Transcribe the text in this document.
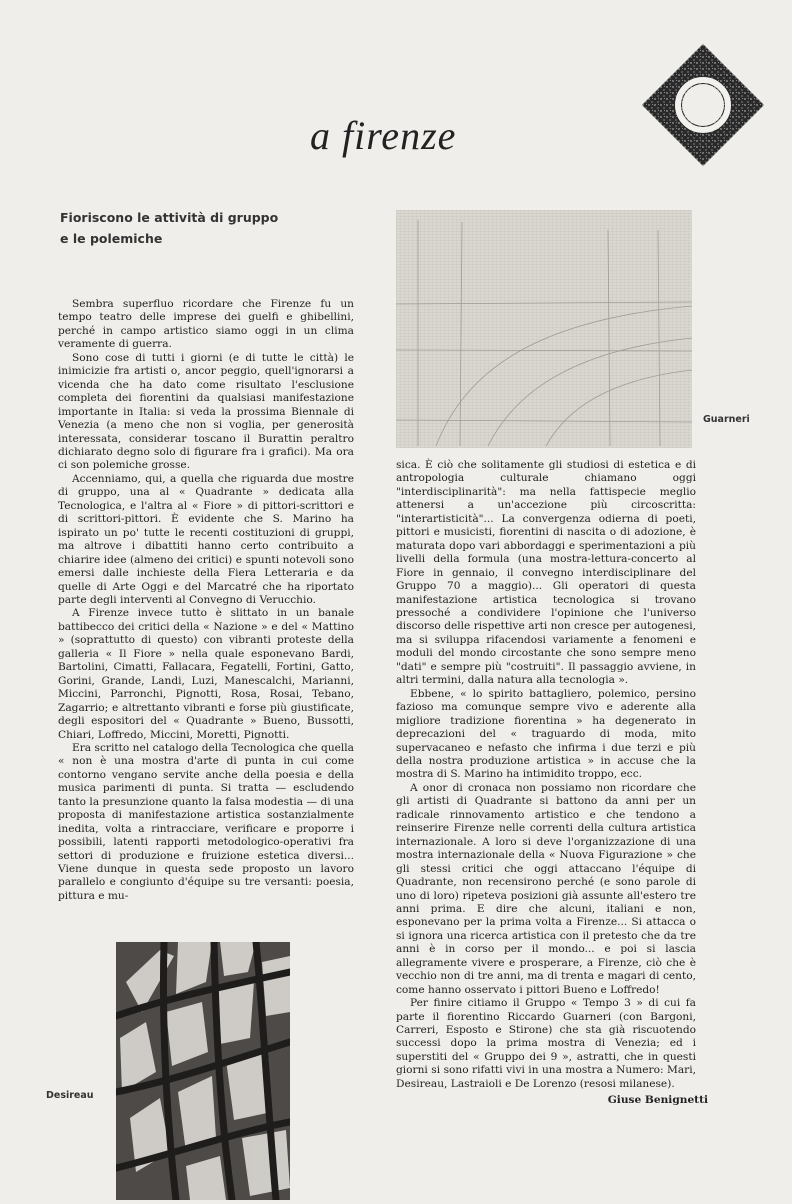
a firenze
Fioriscono le attività di gruppo
e le polemiche

Guarneri

Sembra superfluo ricordare che Firenze fu un tempo teatro delle imprese dei guelfi e ghibellini, perché in campo artistico siamo oggi in un clima veramente di guerra.

Sono cose di tutti i giorni (e di tutte le città) le inimicizie fra artisti o, ancor peggio, quell'ignorarsi a vicenda che ha dato come risultato l'esclusione completa dei fiorentini da qualsiasi manifestazione importante in Italia: si veda la prossima Biennale di Venezia (a meno che non si voglia, per generosità interessata, considerar toscano il Burattin peraltro dichiarato degno solo di figurare fra i grafici). Ma ora ci son polemiche grosse.

Accenniamo, qui, a quella che riguarda due mostre di gruppo, una al « Quadrante » dedicata alla Tecnologica, e l'altra al « Fiore » di pittori-scrittori e di scrittori-pittori. È evidente che S. Marino ha ispirato un po' tutte le recenti costituzioni di gruppi, ma altrove i dibattiti hanno certo contribuito a chiarire idee (almeno dei critici) e spunti notevoli sono emersi dalle inchieste della Fiera Letteraria e da quelle di Arte Oggi e del Marcatré che ha riportato parte degli interventi al Convegno di Verucchio.

A Firenze invece tutto è slittato in un banale battibecco dei critici della « Nazione » e del « Mattino » (soprattutto di questo) con vibranti proteste della galleria « Il Fiore » nella quale esponevano Bardi, Bartolini, Cimatti, Fallacara, Fegatelli, Fortini, Gatto, Gorini, Grande, Landi, Luzi, Manescalchi, Marianni, Miccini, Parronchi, Pignotti, Rosa, Rosai, Tebano, Zagarrio; e altrettanto vibranti e forse più giustificate, degli espositori del « Quadrante » Bueno, Bussotti, Chiari, Loffredo, Miccini, Moretti, Pignotti.

Era scritto nel catalogo della Tecnologica che quella « non è una mostra d'arte di punta in cui come contorno vengano servite anche della poesia e della musica parimenti di punta. Si tratta — escludendo tanto la presunzione quanto la falsa modestia — di una proposta di manifestazione artistica sostanzialmente inedita, volta a rintracciare, verificare e proporre i possibili, latenti rapporti metodologico-operativi fra settori di produzione e fruizione estetica diversi... Viene dunque in questa sede proposto un lavoro parallelo e congiunto d'équipe su tre versanti: poesia, pittura e mu-

sica. È ciò che solitamente gli studiosi di estetica e di antropologia culturale chiamano oggi "interdisciplinarità": ma nella fattispecie meglio attenersi a un'accezione più circoscritta: "interartisticità"... La convergenza odierna di poeti, pittori e musicisti, fiorentini di nascita o di adozione, è maturata dopo vari abbordaggi e sperimentazioni a più livelli della formula (una mostra-lettura-concerto al Fiore in gennaio, il convegno interdisciplinare del Gruppo 70 a maggio)... Gli operatori di questa manifestazione artistica tecnologica si trovano pressoché a condividere l'opinione che l'universo discorso delle rispettive arti non cresce per autogenesi, ma si sviluppa rifacendosi variamente a fenomeni e moduli del mondo circostante che sono sempre meno "dati" e sempre più "costruiti". Il passaggio avviene, in altri termini, dalla natura alla tecnologia ».

Ebbene, « lo spirito battagliero, polemico, persino fazioso ma comunque sempre vivo e aderente alla migliore tradizione fiorentina » ha degenerato in deprecazioni del « traguardo di moda, mito supervacaneo e nefasto che infirma i due terzi e più della nostra produzione artistica » in accuse che la mostra di S. Marino ha intimidito troppo, ecc.

A onor di cronaca non possiamo non ricordare che gli artisti di Quadrante si battono da anni per un radicale rinnovamento artistico e che tendono a reinserire Firenze nelle correnti della cultura artistica internazionale. A loro si deve l'organizzazione di una mostra internazionale della « Nuova Figurazione » che gli stessi critici che oggi attaccano l'équipe di Quadrante, non recensirono perché (e sono parole di uno di loro) ripeteva posizioni già assunte all'estero tre anni prima. E dire che alcuni, italiani e non, esponevano per la prima volta a Firenze... Si attacca o si ignora una ricerca artistica con il pretesto che da tre anni è in corso per il mondo... e poi si lascia allegramente vivere e prosperare, a Firenze, ciò che è vecchio non di tre anni, ma di trenta e magari di cento, come hanno osservato i pittori Bueno e Loffredo!

Per finire citiamo il Gruppo « Tempo 3 » di cui fa parte il fiorentino Riccardo Guarneri (con Bargoni, Carreri, Esposto e Stirone) che sta già riscuotendo successi dopo la prima mostra di Venezia; ed i superstiti del « Gruppo dei 9 », astratti, che in questi giorni si sono rifatti vivi in una mostra a Numero: Mari, Desireau, Lastraioli e De Lorenzo (resosi milanese).

Giuse Benignetti

Desireau
